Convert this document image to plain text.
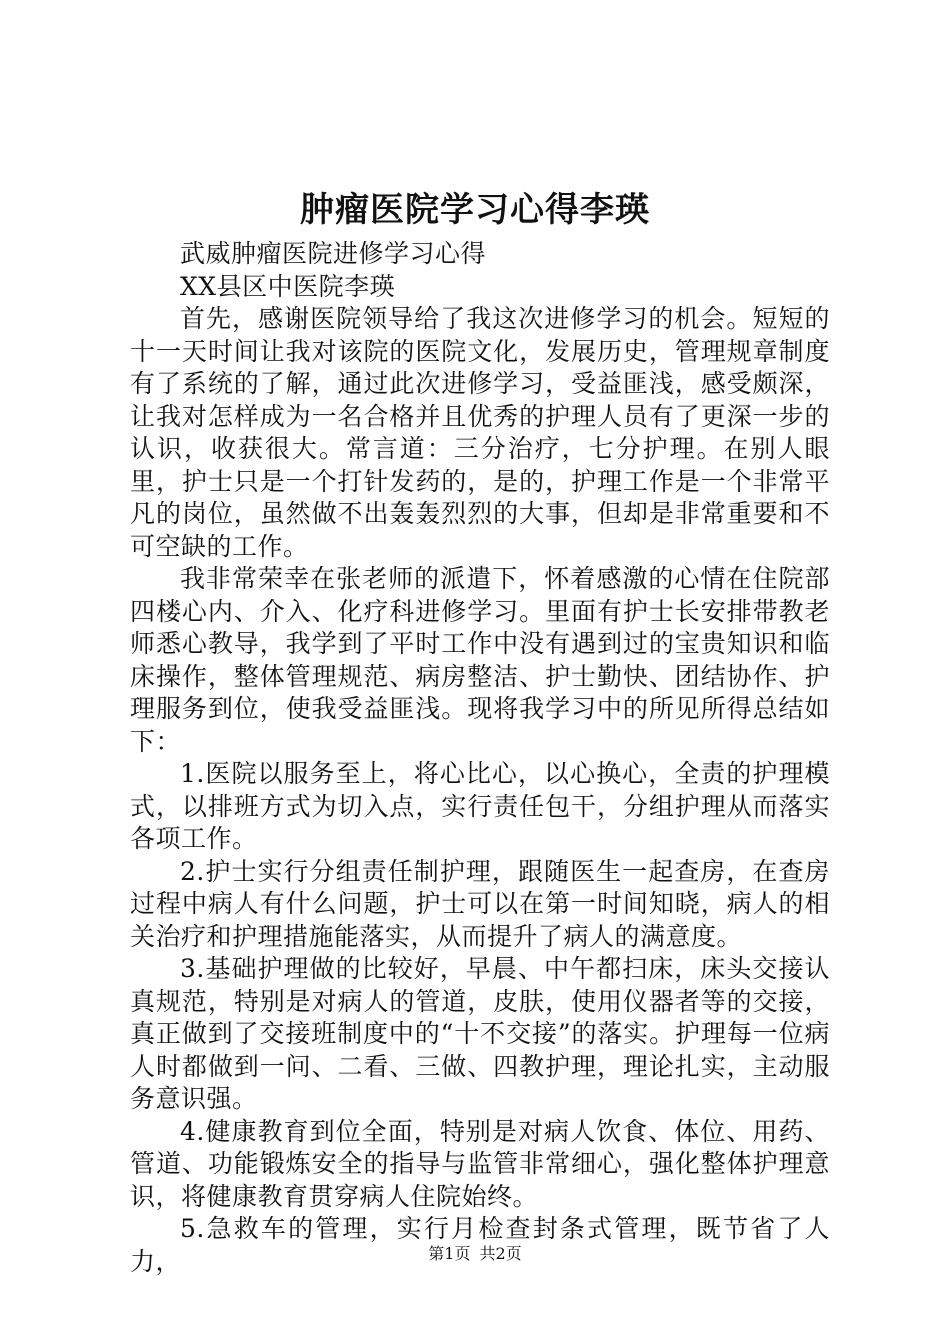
肿瘤医院学习心得李瑛

武威肿瘤医院进修学习心得

XX县区中医院李瑛

首先，感谢医院领导给了我这次进修学习的机会。短短的十一天时间让我对该院的医院文化，发展历史，管理规章制度有了系统的了解，通过此次进修学习，受益匪浅，感受颇深，让我对怎样成为一名合格并且优秀的护理人员有了更深一步的认识，收获很大。常言道：三分治疗，七分护理。在别人眼里，护士只是一个打针发药的，是的，护理工作是一个非常平凡的岗位，虽然做不出轰轰烈烈的大事，但却是非常重要和不可空缺的工作。

我非常荣幸在张老师的派遣下，怀着感激的心情在住院部四楼心内、介入、化疗科进修学习。里面有护士长安排带教老师悉心教导，我学到了平时工作中没有遇到过的宝贵知识和临床操作，整体管理规范、病房整洁、护士勤快、团结协作、护理服务到位，使我受益匪浅。现将我学习中的所见所得总结如下：

1.医院以服务至上，将心比心，以心换心，全责的护理模式，以排班方式为切入点，实行责任包干，分组护理从而落实各项工作。

2.护士实行分组责任制护理，跟随医生一起查房，在查房过程中病人有什么问题，护士可以在第一时间知晓，病人的相关治疗和护理措施能落实，从而提升了病人的满意度。

3.基础护理做的比较好，早晨、中午都扫床，床头交接认真规范，特别是对病人的管道，皮肤，使用仪器者等的交接，真正做到了交接班制度中的“十不交接”的落实。护理每一位病人时都做到一问、二看、三做、四教护理，理论扎实，主动服务意识强。

4.健康教育到位全面，特别是对病人饮食、体位、用药、管道、功能锻炼安全的指导与监管非常细心，强化整体护理意识，将健康教育贯穿病人住院始终。

5.急救车的管理，实行月检查封条式管理，既节省了人力，	第1页 共2页
